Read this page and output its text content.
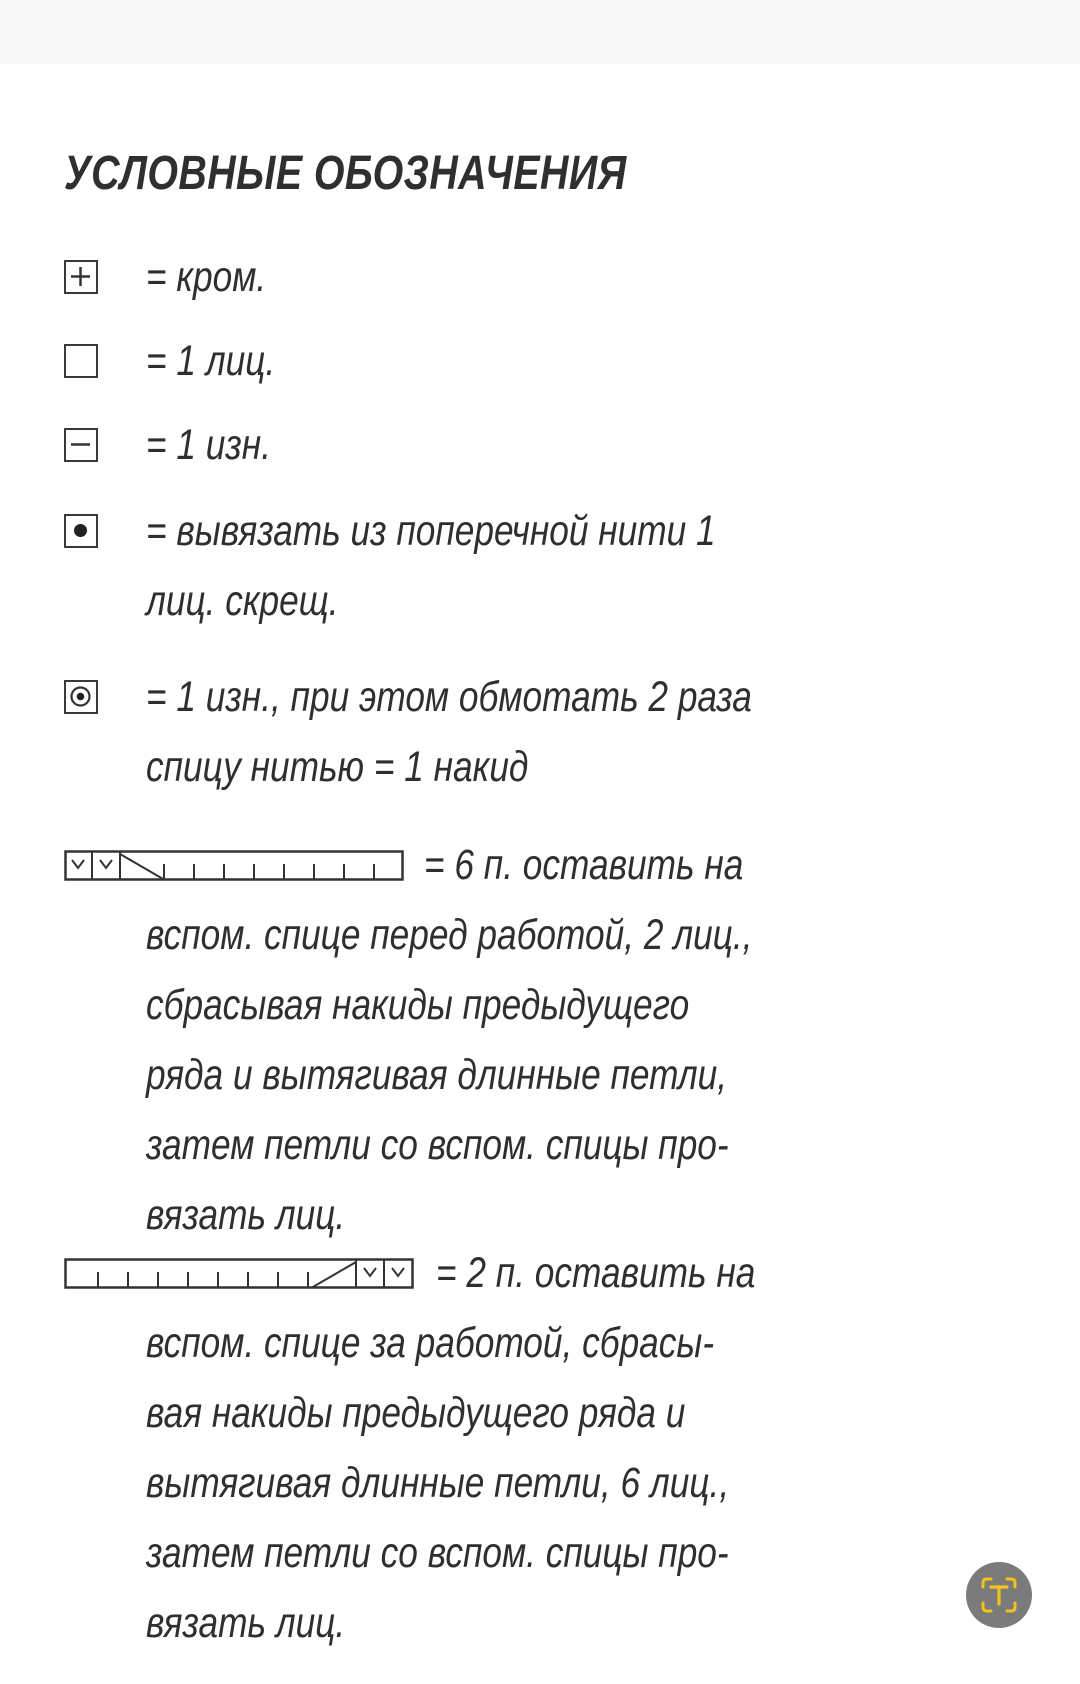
УСЛОВНЫЕ ОБОЗНАЧЕНИЯ
= кром.
= 1 лиц.
= 1 изн.
= вывязать из поперечной нити 1
лиц. скрещ.
= 1 изн., при этом обмотать 2 раза
спицу нитью = 1 накид
= 6 п. оставить на
вспом. спице перед работой, 2 лиц.,
сбрасывая накиды предыдущего
ряда и вытягивая длинные петли,
затем петли со вспом. спицы про-
вязать лиц.
= 2 п. оставить на
вспом. спице за работой, сбрасы-
вая накиды предыдущего ряда и
вытягивая длинные петли, 6 лиц.,
затем петли со вспом. спицы про-
вязать лиц.
